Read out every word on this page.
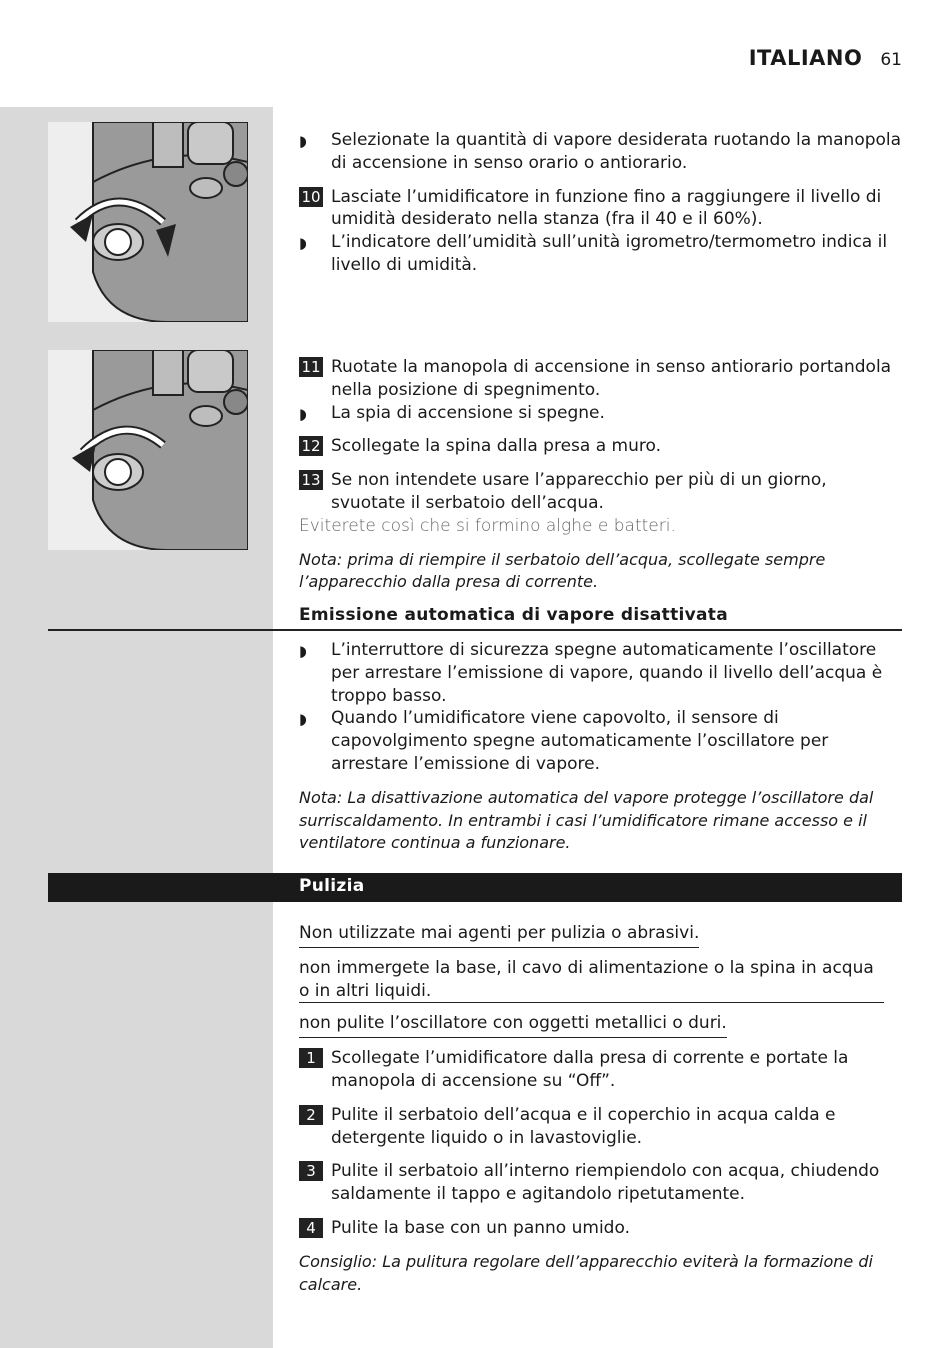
ITALIANO 61
◗ Selezionate la quantità di vapore desiderata ruotando la manopola di accensione in senso orario o antiorario.
10 Lasciate l’umidificatore in funzione fino a raggiungere il livello di umidità desiderato nella stanza (fra il 40 e il 60%).
◗ L’indicatore dell’umidità sull’unità igrometro/termometro indica il livello di umidità.
11 Ruotate la manopola di accensione in senso antiorario portandola nella posizione di spegnimento.
◗ La spia di accensione si spegne.
12 Scollegate la spina dalla presa a muro.
13 Se non intendete usare l’apparecchio per più di un giorno, svuotate il serbatoio dell’acqua.
Eviterete così che si formino alghe e batteri.
Nota: prima di riempire il serbatoio dell’acqua, scollegate sempre l’apparecchio dalla presa di corrente.
Emissione automatica di vapore disattivata
◗ L’interruttore di sicurezza spegne automaticamente l’oscillatore per arrestare l’emissione di vapore, quando il livello dell’acqua è troppo basso.
◗ Quando l’umidificatore viene capovolto, il sensore di capovolgimento spegne automaticamente l’oscillatore per arrestare l’emissione di vapore.
Nota: La disattivazione automatica del vapore protegge l’oscillatore dal surriscaldamento. In entrambi i casi l’umidificatore rimane accesso e il ventilatore continua a funzionare.
Pulizia
Non utilizzate mai agenti per pulizia o abrasivi.
non immergete la base, il cavo di alimentazione o la spina in acqua o in altri liquidi.
non pulite l’oscillatore con oggetti metallici o duri.
1 Scollegate l’umidificatore dalla presa di corrente e portate la manopola di accensione su “Off”.
2 Pulite il serbatoio dell’acqua e il coperchio in acqua calda e detergente liquido o in lavastoviglie.
3 Pulite il serbatoio all’interno riempiendolo con acqua, chiudendo saldamente il tappo e agitandolo ripetutamente.
4 Pulite la base con un panno umido.
Consiglio: La pulitura regolare dell’apparecchio eviterà la formazione di calcare.
